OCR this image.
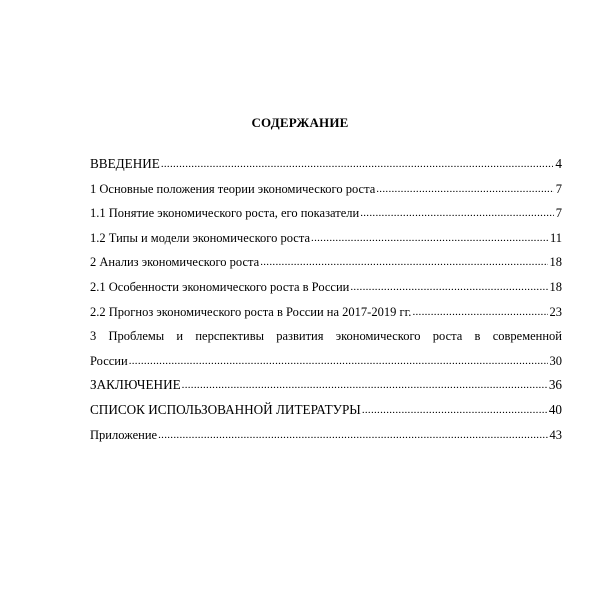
СОДЕРЖАНИЕ
ВВЕДЕНИЕ .....	4
1 Основные положения теории экономического роста .....	7
1.1 Понятие экономического роста, его показатели .....	7
1.2 Типы и модели экономического роста .....	11
2 Анализ экономического роста .....	18
2.1 Особенности экономического роста в России .....	18
2.2 Прогноз экономического роста в России на 2017-2019 гг. .....	23
3 Проблемы и перспективы развития экономического роста в современной
России .....	30
ЗАКЛЮЧЕНИЕ .....	36
СПИСОК ИСПОЛЬЗОВАННОЙ ЛИТЕРАТУРЫ .....	40
Приложение .....	43
